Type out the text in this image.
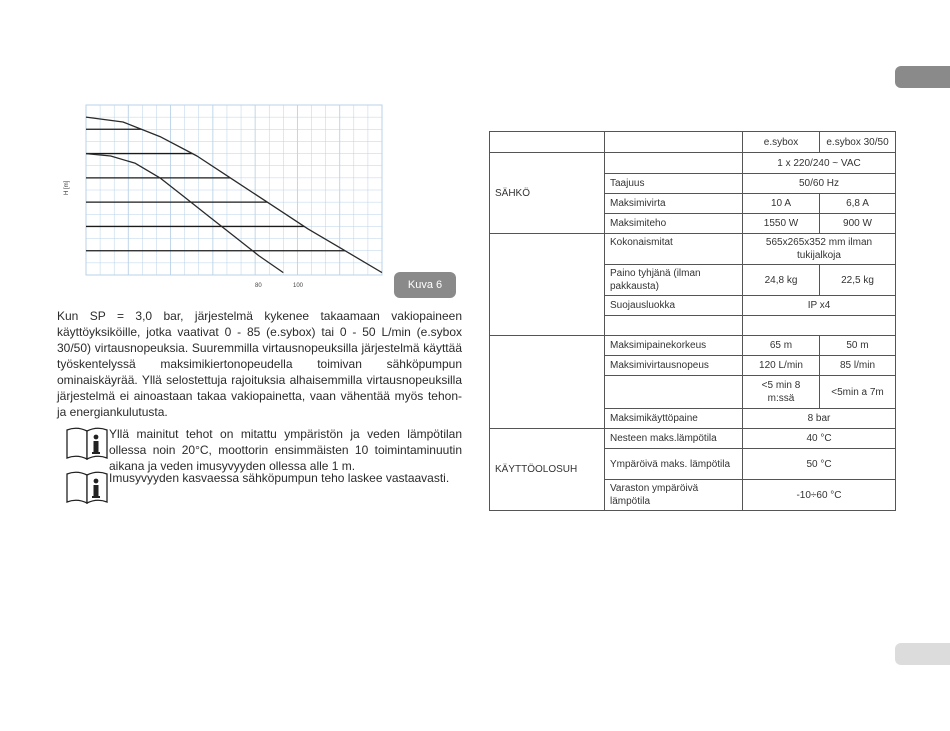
H [m]
80	100	Kuva 6

Kun SP = 3,0 bar, järjestelmä kykenee takaamaan vakiopaineen käyttöyksiköille, jotka vaativat 0 - 85 (e.sybox) tai 0 - 50 L/min (e.sybox 30/50) virtausnopeuksia. Suuremmilla virtausnopeuksilla järjestelmä käyttää työskentelyssä maksimikiertonopeudella toimivan sähköpumpun ominaiskäyrää. Yllä selostettuja rajoituksia alhaisemmilla virtausnopeuksilla järjestelmä ei ainoastaan takaa vakiopainetta, vaan vähentää myös tehon- ja energiankulutusta.

Yllä mainitut tehot on mitattu ympäristön ja veden lämpötilan ollessa noin 20°C, moottorin ensimmäisten 10 toimintaminuutin aikana ja veden imusyvyyden ollessa alle 1 m.

Imusyvyyden kasvaessa sähköpumpun teho laskee vastaavasti.

		e.sybox	e.sybox 30/50
SÄHKÖ		1 x 220/240 ~ VAC	
	Taajuus	50/60 Hz	
	Maksimivirta	10 A	6,8 A
	Maksimiteho	1550 W	900 W
	Kokonaismitat	565x265x352 mm ilman tukijalkoja	
	Paino tyhjänä (ilman pakkausta)	24,8 kg	22,5 kg
	Suojausluokka	IP x4	

	Maksimipainekorkeus	65 m	50 m
	Maksimivirtausnopeus	120 L/min	85 l/min
		<5 min 8 m:ssä	<5min a 7m
	Maksimikäyttöpaine	8 bar	
KÄYTTÖOLOSUH	Nesteen maks.lämpötila	40 °C	
	Ympäröivä maks. lämpötila	50 °C	
	Varaston ympäröivä lämpötila	-10÷60 °C	
